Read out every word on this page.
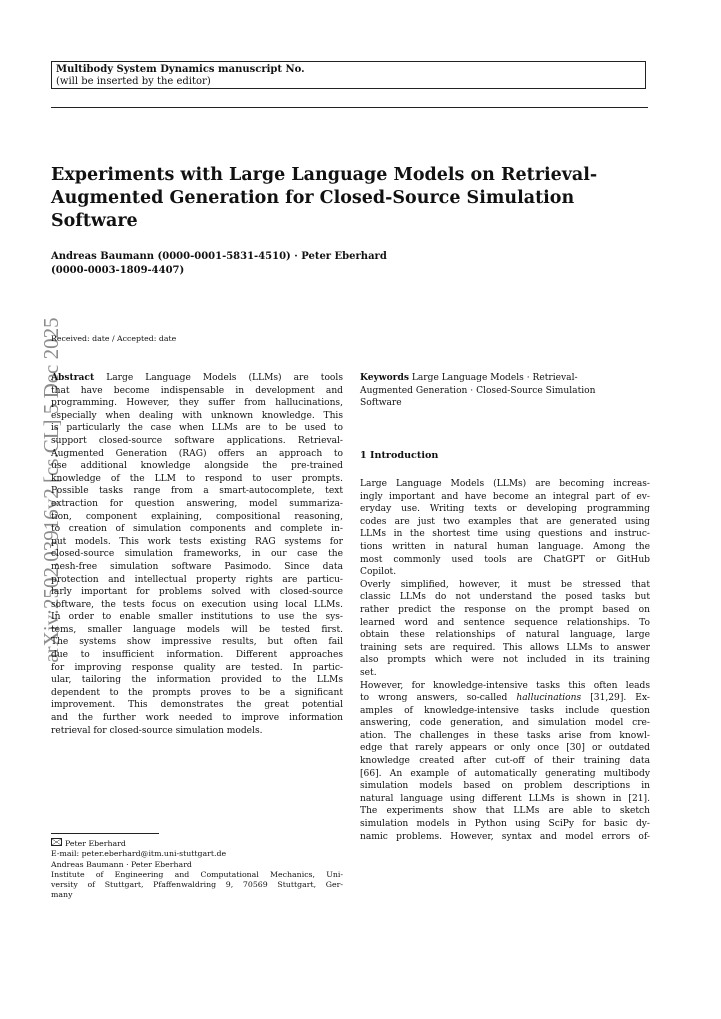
Multibody System Dynamics manuscript No.
(will be inserted by the editor)
Experiments with Large Language Models on Retrieval-
Augmented Generation for Closed-Source Simulation
Software
Andreas Baumann (0000-0001-5831-4510) · Peter Eberhard
(0000-0003-1809-4407)
arXiv:2502.03916v2 [cs.CL] 5 Dec 2025
Received: date / Accepted: date
Abstract Large Language Models (LLMs) are tools
that have become indispensable in development and
programming. However, they suffer from hallucinations,
especially when dealing with unknown knowledge. This
is particularly the case when LLMs are to be used to
support closed-source software applications. Retrieval-
Augmented Generation (RAG) offers an approach to
use additional knowledge alongside the pre-trained
knowledge of the LLM to respond to user prompts.
Possible tasks range from a smart-autocomplete, text
extraction for question answering, model summariza-
tion, component explaining, compositional reasoning,
to creation of simulation components and complete in-
put models. This work tests existing RAG systems for
closed-source simulation frameworks, in our case the
mesh-free simulation software Pasimodo. Since data
protection and intellectual property rights are particu-
larly important for problems solved with closed-source
software, the tests focus on execution using local LLMs.
In order to enable smaller institutions to use the sys-
tems, smaller language models will be tested first.
The systems show impressive results, but often fail
due to insufficient information. Different approaches
for improving response quality are tested. In partic-
ular, tailoring the information provided to the LLMs
dependent to the prompts proves to be a significant
improvement. This demonstrates the great potential
and the further work needed to improve information
retrieval for closed-source simulation models.
Keywords Large Language Models · Retrieval-
Augmented Generation · Closed-Source Simulation
Software
1 Introduction
Large Language Models (LLMs) are becoming increas-
ingly important and have become an integral part of ev-
eryday use. Writing texts or developing programming
codes are just two examples that are generated using
LLMs in the shortest time using questions and instruc-
tions written in natural human language. Among the
most commonly used tools are ChatGPT or GitHub
Copilot.
Overly simplified, however, it must be stressed that
classic LLMs do not understand the posed tasks but
rather predict the response on the prompt based on
learned word and sentence sequence relationships. To
obtain these relationships of natural language, large
training sets are required. This allows LLMs to answer
also prompts which were not included in its training
set.
However, for knowledge-intensive tasks this often leads
to wrong answers, so-called hallucinations [31,29]. Ex-
amples of knowledge-intensive tasks include question
answering, code generation, and simulation model cre-
ation. The challenges in these tasks arise from knowl-
edge that rarely appears or only once [30] or outdated
knowledge created after cut-off of their training data
[66]. An example of automatically generating multibody
simulation models based on problem descriptions in
natural language using different LLMs is shown in [21].
The experiments show that LLMs are able to sketch
simulation models in Python using SciPy for basic dy-
namic problems. However, syntax and model errors of-
Peter Eberhard
E-mail: peter.eberhard@itm.uni-stuttgart.de
Andreas Baumann · Peter Eberhard
Institute of Engineering and Computational Mechanics, Uni-
versity of Stuttgart, Pfaffenwaldring 9, 70569 Stuttgart, Ger-
many
